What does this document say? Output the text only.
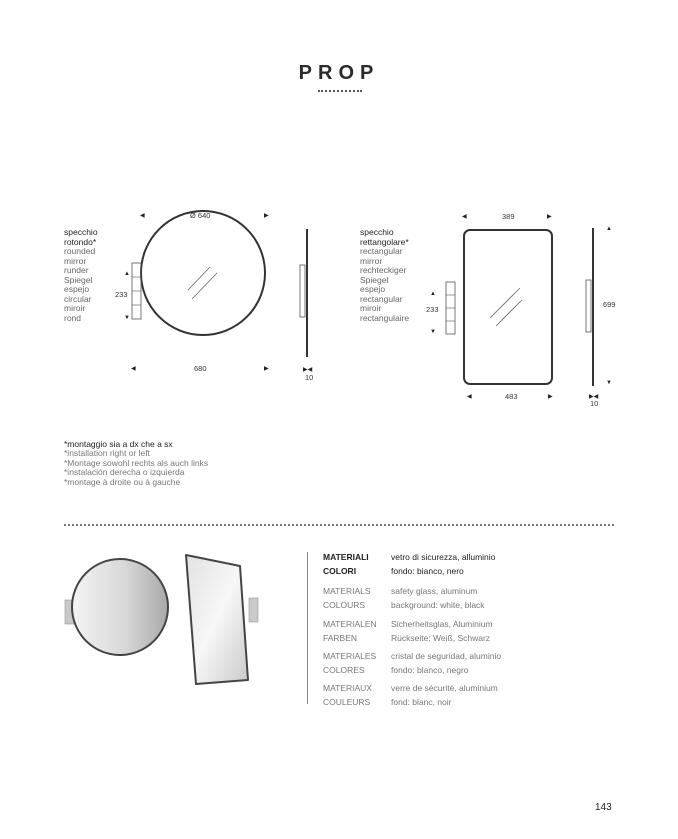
PROP
specchio
rotondo*
rounded
mirror
runder
Spiegel
espejo
circular
miroir
rond
◀	Ø 640	▶
▲
233
▼
◀	680	▶	▶◀
10
specchio
rettangolare*
rectangular
mirror
rechteckiger
Spiegel
espejo
rectangular
miroir
rectangulaire
◀	389	▶
▲
699
▼
▲
233
▼
◀	483	▶	▶◀
10
*montaggio sia a dx che a sx
*installation right or left
*Montage sowohl rechts als auch links
*instalación derecha o izquierda
*montage à droite ou à gauche
MATERIALI	vetro di sicurezza, alluminio
COLORI	fondo: bianco, nero
MATERIALS safety glass, aluminum
COLOURS	background: white, black
MATERIALEN Sicherheitsglas, Aluminium
FARBEN	Rückseite: Weiß, Schwarz
MATERIALES cristal de seguridad, aluminio
COLORES	fondo: blanco, negro
MATERIAUX verre de sécurité, aluminium
COULEURS fond: blanc, noir
143
